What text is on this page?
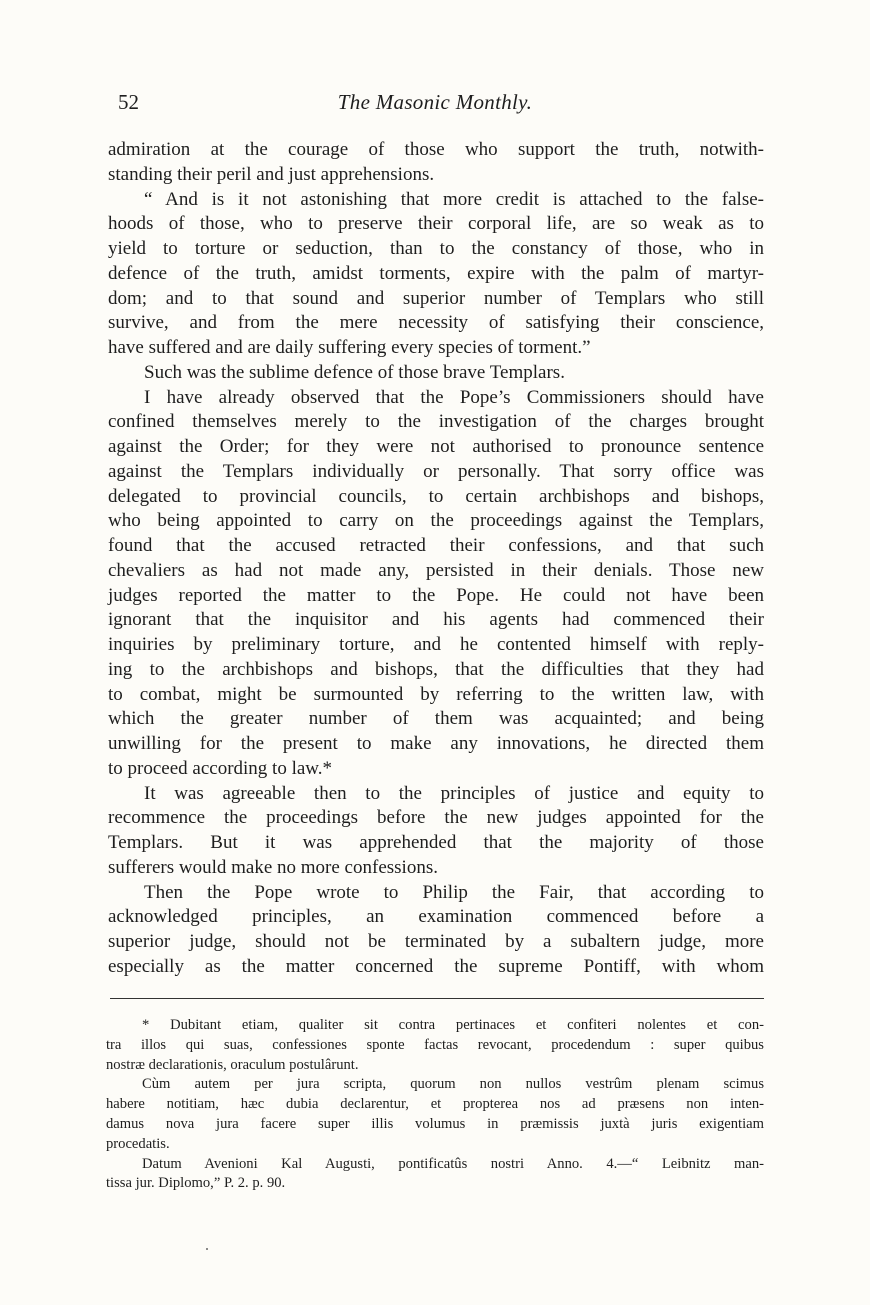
52	The Masonic Monthly.
admiration at the courage of those who support the truth, notwith-
standing their peril and just apprehensions.
“ And is it not astonishing that more credit is attached to the false-
hoods of those, who to preserve their corporal life, are so weak as to
yield to torture or seduction, than to the constancy of those, who in
defence of the truth, amidst torments, expire with the palm of martyr-
dom; and to that sound and superior number of Templars who still
survive, and from the mere necessity of satisfying their conscience,
have suffered and are daily suffering every species of torment.”
Such was the sublime defence of those brave Templars.
I have already observed that the Pope’s Commissioners should have
confined themselves merely to the investigation of the charges brought
against the Order; for they were not authorised to pronounce sentence
against the Templars individually or personally. That sorry office was
delegated to provincial councils, to certain archbishops and bishops,
who being appointed to carry on the proceedings against the Templars,
found that the accused retracted their confessions, and that such
chevaliers as had not made any, persisted in their denials. Those new
judges reported the matter to the Pope. He could not have been
ignorant that the inquisitor and his agents had commenced their
inquiries by preliminary torture, and he contented himself with reply-
ing to the archbishops and bishops, that the difficulties that they had
to combat, might be surmounted by referring to the written law, with
which the greater number of them was acquainted; and being
unwilling for the present to make any innovations, he directed them
to proceed according to law.*
It was agreeable then to the principles of justice and equity to
recommence the proceedings before the new judges appointed for the
Templars. But it was apprehended that the majority of those
sufferers would make no more confessions.
Then the Pope wrote to Philip the Fair, that according to
acknowledged principles, an examination commenced before a
superior judge, should not be terminated by a subaltern judge, more
especially as the matter concerned the supreme Pontiff, with whom
* Dubitant etiam, qualiter sit contra pertinaces et confiteri nolentes et con-
tra illos qui suas, confessiones sponte factas revocant, procedendum : super quibus
nostræ declarationis, oraculum postulârunt.
Cùm autem per jura scripta, quorum non nullos vestrûm plenam scimus
habere notitiam, hæc dubia declarentur, et propterea nos ad præsens non inten-
damus nova jura facere super illis volumus in præmissis juxtà juris exigentiam
procedatis.
Datum Avenioni Kal Augusti, pontificatûs nostri Anno. 4.—“ Leibnitz man-
tissa jur. Diplomo,” P. 2. p. 90.
